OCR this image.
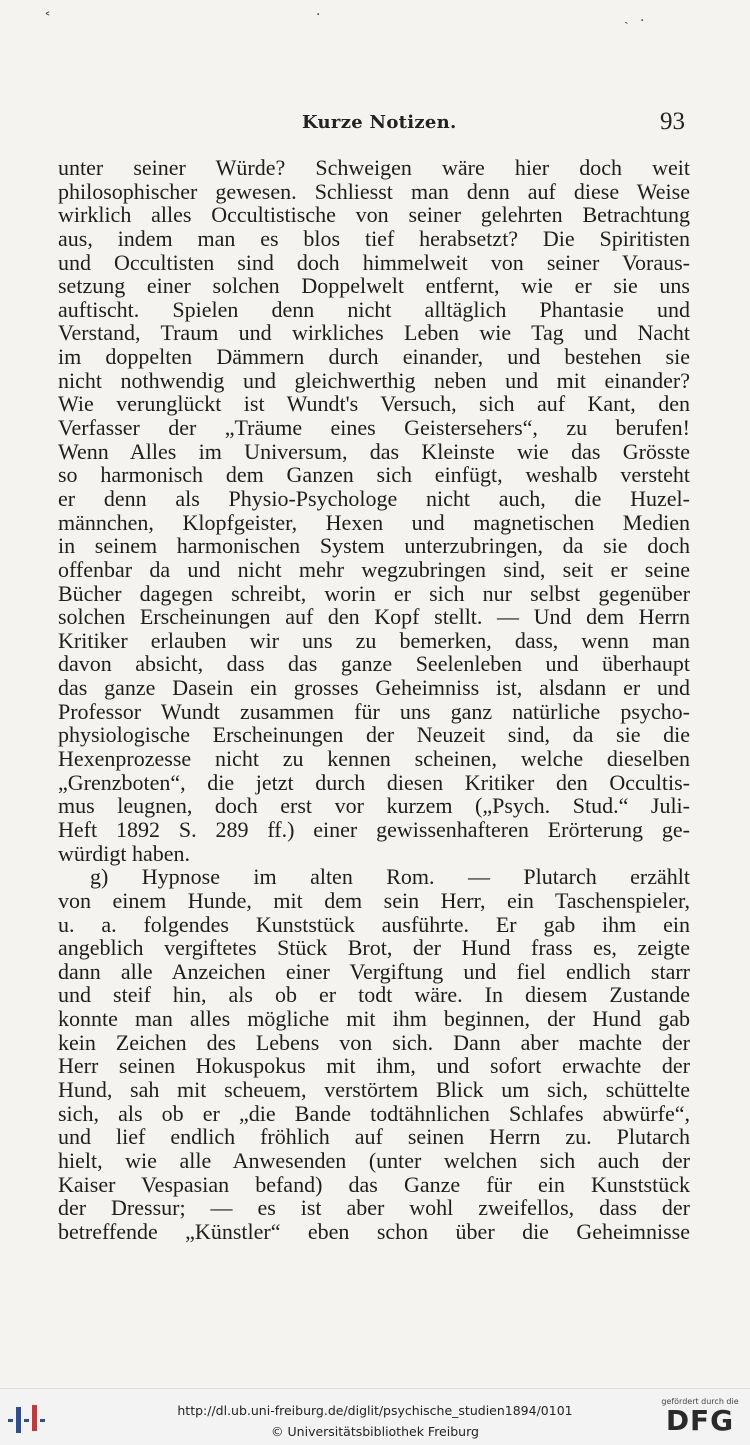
˂	·	ˎ ·
Kurze Notizen.	93
unter seiner Würde? Schweigen wäre hier doch weit
philosophischer gewesen. Schliesst man denn auf diese Weise
wirklich alles Occultistische von seiner gelehrten Betrachtung
aus, indem man es blos tief herabsetzt? Die Spiritisten
und Occultisten sind doch himmelweit von seiner Voraus-
setzung einer solchen Doppelwelt entfernt, wie er sie uns
auftischt. Spielen denn nicht alltäglich Phantasie und
Verstand, Traum und wirkliches Leben wie Tag und Nacht
im doppelten Dämmern durch einander, und bestehen sie
nicht nothwendig und gleichwerthig neben und mit einander?
Wie verunglückt ist Wundt's Versuch, sich auf Kant, den
Verfasser der „Träume eines Geistersehers“, zu berufen!
Wenn Alles im Universum, das Kleinste wie das Grösste
so harmonisch dem Ganzen sich einfügt, weshalb versteht
er denn als Physio-Psychologe nicht auch, die Huzel-
männchen, Klopfgeister, Hexen und magnetischen Medien
in seinem harmonischen System unterzubringen, da sie doch
offenbar da und nicht mehr wegzubringen sind, seit er seine
Bücher dagegen schreibt, worin er sich nur selbst gegenüber
solchen Erscheinungen auf den Kopf stellt. — Und dem Herrn
Kritiker erlauben wir uns zu bemerken, dass, wenn man
davon absicht, dass das ganze Seelenleben und überhaupt
das ganze Dasein ein grosses Geheimniss ist, alsdann er und
Professor Wundt zusammen für uns ganz natürliche psycho-
physiologische Erscheinungen der Neuzeit sind, da sie die
Hexenprozesse nicht zu kennen scheinen, welche dieselben
„Grenzboten“, die jetzt durch diesen Kritiker den Occultis-
mus leugnen, doch erst vor kurzem („Psych. Stud.“ Juli-
Heft 1892 S. 289 ff.) einer gewissenhafteren Erörterung ge-
würdigt haben.
g) Hypnose im alten Rom. — Plutarch erzählt
von einem Hunde, mit dem sein Herr, ein Taschenspieler,
u. a. folgendes Kunststück ausführte. Er gab ihm ein
angeblich vergiftetes Stück Brot, der Hund frass es, zeigte
dann alle Anzeichen einer Vergiftung und fiel endlich starr
und steif hin, als ob er todt wäre. In diesem Zustande
konnte man alles mögliche mit ihm beginnen, der Hund gab
kein Zeichen des Lebens von sich. Dann aber machte der
Herr seinen Hokuspokus mit ihm, und sofort erwachte der
Hund, sah mit scheuem, verstörtem Blick um sich, schüttelte
sich, als ob er „die Bande todtähnlichen Schlafes abwürfe“,
und lief endlich fröhlich auf seinen Herrn zu. Plutarch
hielt, wie alle Anwesenden (unter welchen sich auch der
Kaiser Vespasian befand) das Ganze für ein Kunststück
der Dressur; — es ist aber wohl zweifellos, dass der
betreffende „Künstler“ eben schon über die Geheimnisse
http://dl.ub.uni-freiburg.de/diglit/psychische_studien1894/0101
© Universitätsbibliothek Freiburg
gefördert durch die
DFG
